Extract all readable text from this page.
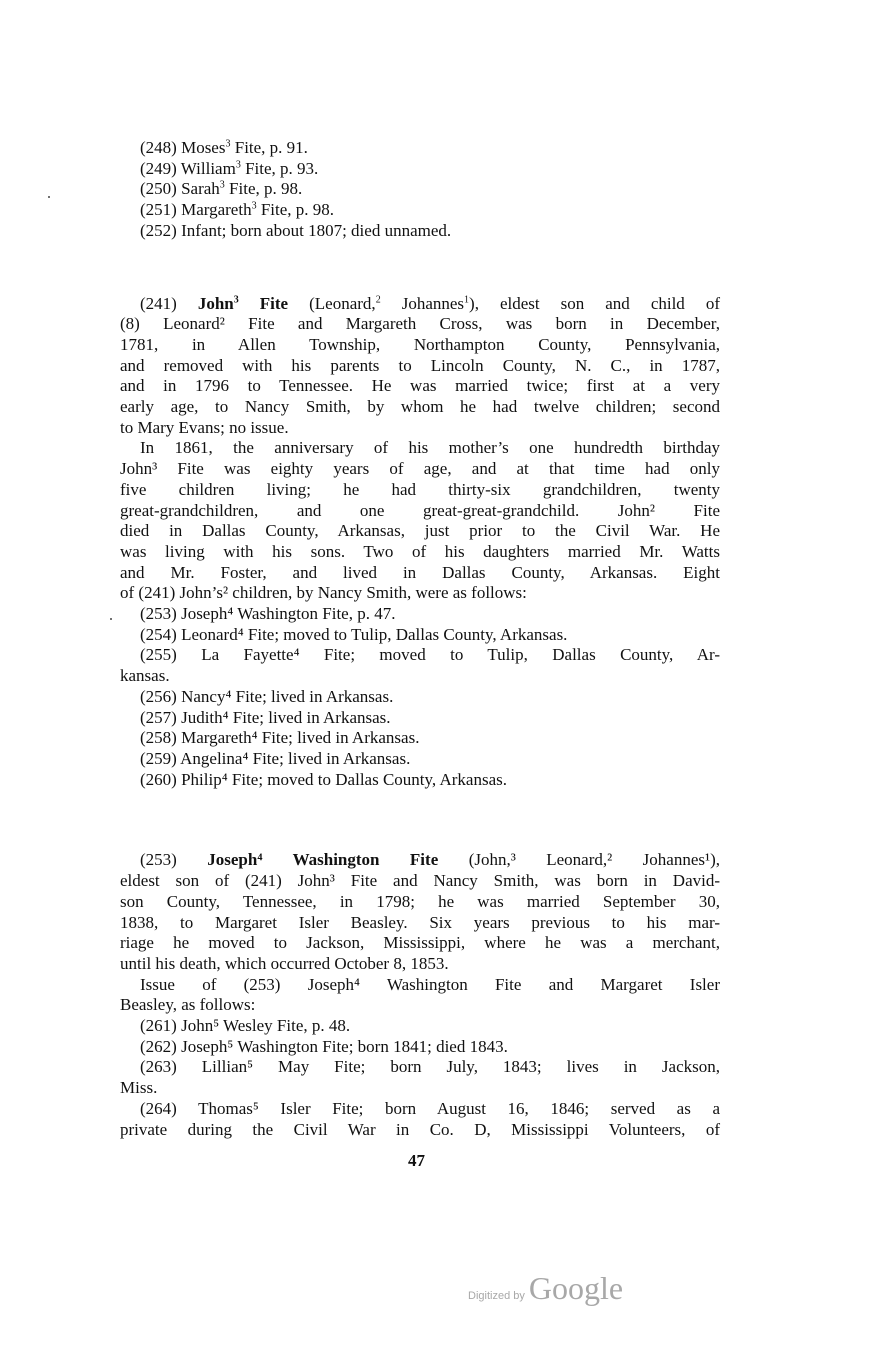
(248) Moses$^3$ Fite, p. 91.
(249) William$^3$ Fite, p. 93.
(250) Sarah$^3$ Fite, p. 98.
(251) Margareth$^3$ Fite, p. 98.
(252) Infant; born about 1807; died unnamed.
(241) John$^3$ Fite (Leonard,$^2$ Johannes$^1$), eldest son and child of
(8) Leonard² Fite and Margareth Cross, was born in December,
1781, in Allen Township, Northampton County, Pennsylvania,
and removed with his parents to Lincoln County, N. C., in 1787,
and in 1796 to Tennessee. He was married twice; first at a very
early age, to Nancy Smith, by whom he had twelve children; second
to Mary Evans; no issue.
In 1861, the anniversary of his mother’s one hundredth birthday
John³ Fite was eighty years of age, and at that time had only
five children living; he had thirty-six grandchildren, twenty
great-grandchildren, and one great-great-grandchild. John² Fite
died in Dallas County, Arkansas, just prior to the Civil War. He
was living with his sons. Two of his daughters married Mr. Watts
and Mr. Foster, and lived in Dallas County, Arkansas. Eight
of (241) John’s² children, by Nancy Smith, were as follows:
(253) Joseph⁴ Washington Fite, p. 47.
(254) Leonard⁴ Fite; moved to Tulip, Dallas County, Arkansas.
(255) La Fayette⁴ Fite; moved to Tulip, Dallas County, Ar-
kansas.
(256) Nancy⁴ Fite; lived in Arkansas.
(257) Judith⁴ Fite; lived in Arkansas.
(258) Margareth⁴ Fite; lived in Arkansas.
(259) Angelina⁴ Fite; lived in Arkansas.
(260) Philip⁴ Fite; moved to Dallas County, Arkansas.
(253) Joseph⁴ Washington Fite (John,³ Leonard,² Johannes¹),
eldest son of (241) John³ Fite and Nancy Smith, was born in David-
son County, Tennessee, in 1798; he was married September 30,
1838, to Margaret Isler Beasley. Six years previous to his mar-
riage he moved to Jackson, Mississippi, where he was a merchant,
until his death, which occurred October 8, 1853.
Issue of (253) Joseph⁴ Washington Fite and Margaret Isler
Beasley, as follows:
(261) John⁵ Wesley Fite, p. 48.
(262) Joseph⁵ Washington Fite; born 1841; died 1843.
(263) Lillian⁵ May Fite; born July, 1843; lives in Jackson,
Miss.
(264) Thomas⁵ Isler Fite; born August 16, 1846; served as a
private during the Civil War in Co. D, Mississippi Volunteers, of
47
Digitized by Google
